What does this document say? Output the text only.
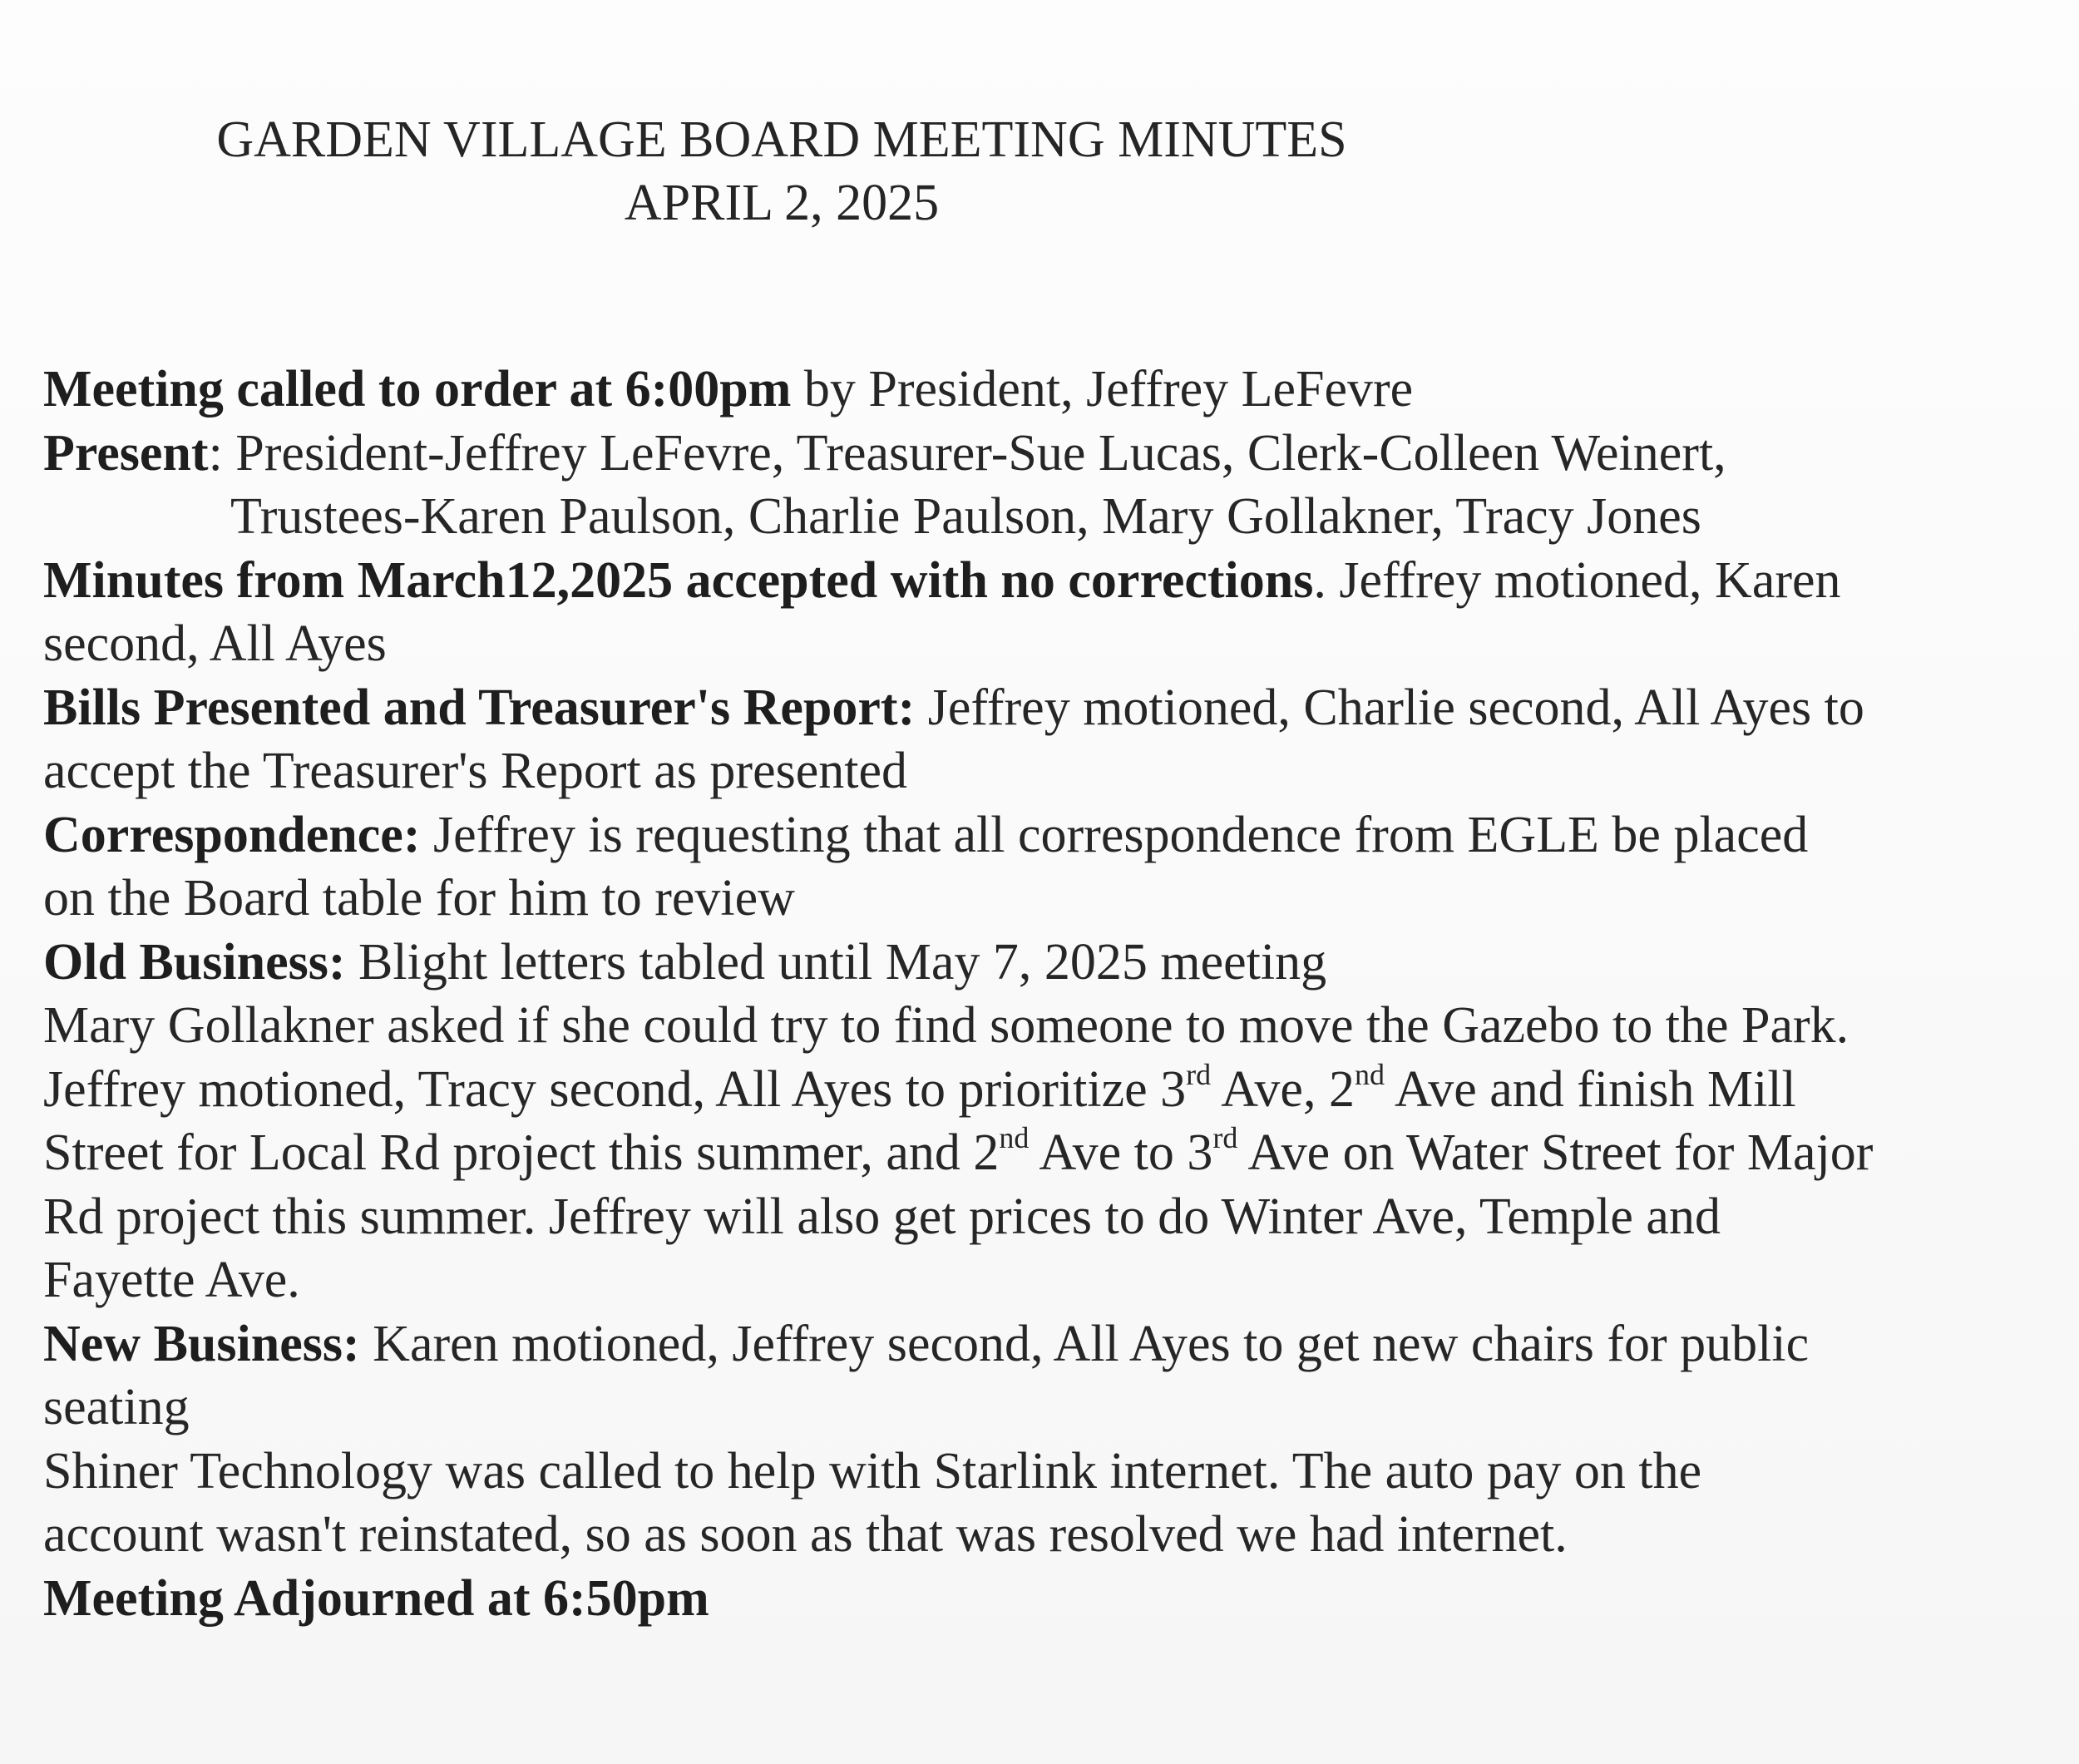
GARDEN VILLAGE BOARD MEETING MINUTES
APRIL 2, 2025
Meeting called to order at 6:00pm by President, Jeffrey LeFevre
Present: President-Jeffrey LeFevre, Treasurer-Sue Lucas, Clerk-Colleen Weinert,
Trustees-Karen Paulson, Charlie Paulson, Mary Gollakner, Tracy Jones
Minutes from March12,2025 accepted with no corrections. Jeffrey motioned, Karen
second, All Ayes
Bills Presented and Treasurer's Report: Jeffrey motioned, Charlie second, All Ayes to
accept the Treasurer's Report as presented
Correspondence: Jeffrey is requesting that all correspondence from EGLE be placed
on the Board table for him to review
Old Business: Blight letters tabled until May 7, 2025 meeting
Mary Gollakner asked if she could try to find someone to move the Gazebo to the Park.
Jeffrey motioned, Tracy second, All Ayes to prioritize 3rd Ave, 2nd Ave and finish Mill
Street for Local Rd project this summer, and 2nd Ave to 3rd Ave on Water Street for Major
Rd project this summer. Jeffrey will also get prices to do Winter Ave, Temple and
Fayette Ave.
New Business: Karen motioned, Jeffrey second, All Ayes to get new chairs for public
seating
Shiner Technology was called to help with Starlink internet. The auto pay on the
account wasn't reinstated, so as soon as that was resolved we had internet.
Meeting Adjourned at 6:50pm
